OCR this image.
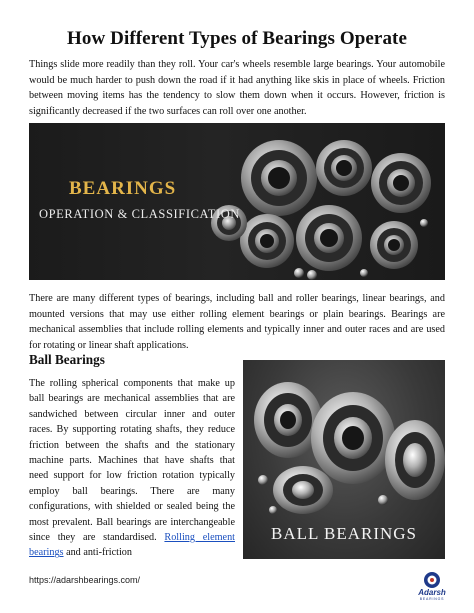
How Different Types of Bearings Operate

Things slide more readily than they roll. Your car's wheels resemble large bearings. Your automobile would be much harder to push down the road if it had anything like skis in place of wheels. Friction between moving items has the tendency to slow them down when it occurs. However, friction is significantly decreased if the two surfaces can roll over one another.

BEARINGS
OPERATION & CLASSIFICATION

There are many different types of bearings, including ball and roller bearings, linear bearings, and mounted versions that may use either rolling element bearings or plain bearings. Bearings are mechanical assemblies that include rolling elements and typically inner and outer races and are used for rotating or linear shaft applications.

Ball Bearings

The rolling spherical components that make up ball bearings are mechanical assemblies that are sandwiched between circular inner and outer races. By supporting rotating shafts, they reduce friction between the shafts and the stationary machine parts. Machines that have shafts that need support for low friction rotation typically employ ball bearings. There are many configurations, with shielded or sealed being the most prevalent. Ball bearings are interchangeable since they are standardised. Rolling element bearings and anti-friction

BALL BEARINGS
https://adarshbearings.com/
Adarsh
BEARINGS
